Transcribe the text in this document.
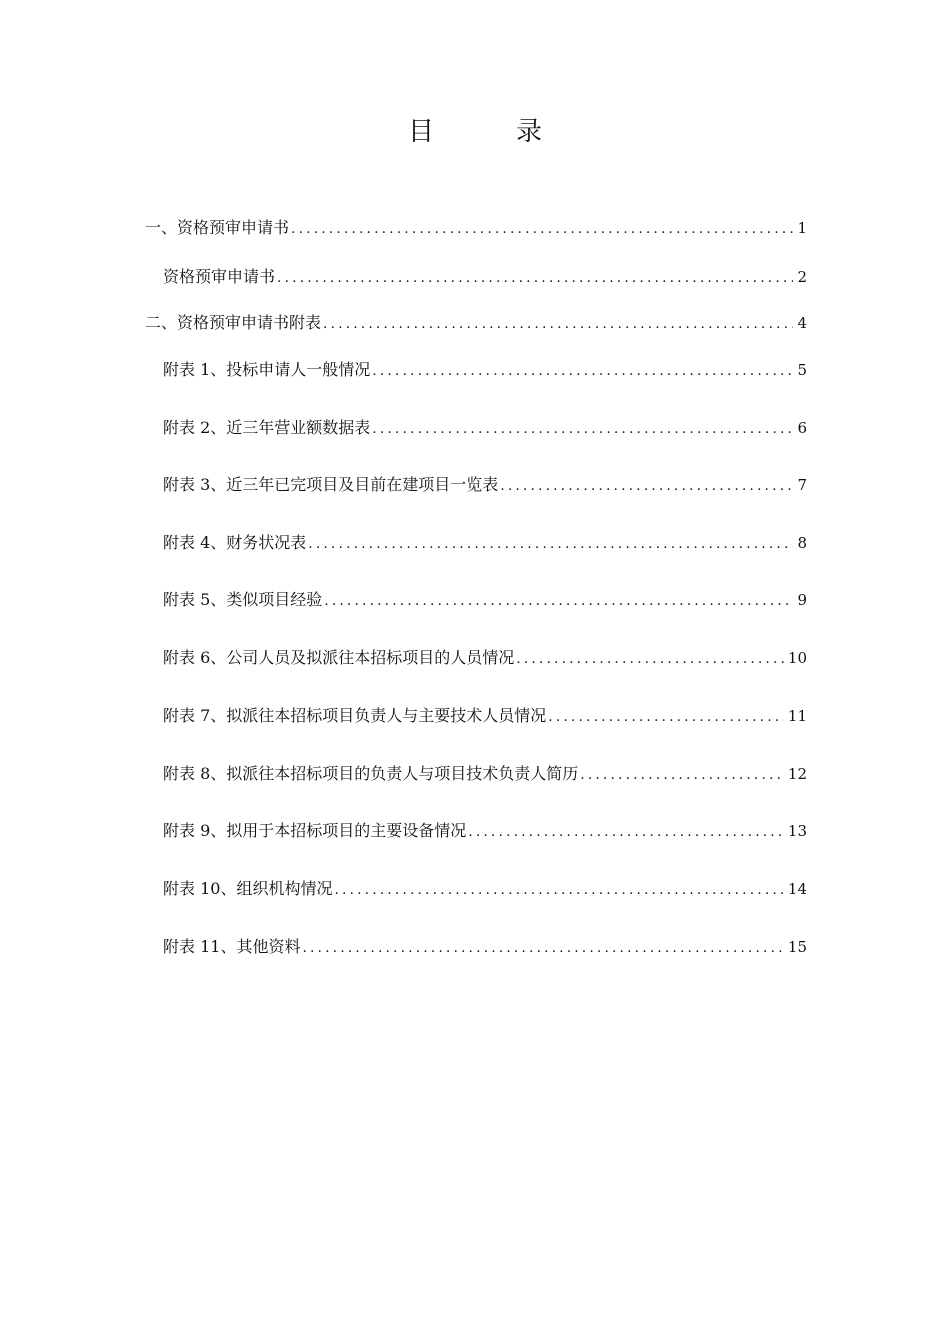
目　录
一、资格预审申请书 .....	1
资格预审申请书 .....	2
二、资格预审申请书附表 .....	4
附表 1、投标申请人一般情况 .....	5
附表 2、近三年营业额数据表 .....	6
附表 3、近三年已完项目及目前在建项目一览表 .....	7
附表 4、财务状况表 .....	8
附表 5、类似项目经验 .....	9
附表 6、公司人员及拟派往本招标项目的人员情况 .....	10
附表 7、拟派往本招标项目负责人与主要技术人员情况 .....	11
附表 8、拟派往本招标项目的负责人与项目技术负责人简历 .....	12
附表 9、拟用于本招标项目的主要设备情况 .....	13
附表 10、组织机构情况 .....	14
附表 11、其他资料 .....	15
